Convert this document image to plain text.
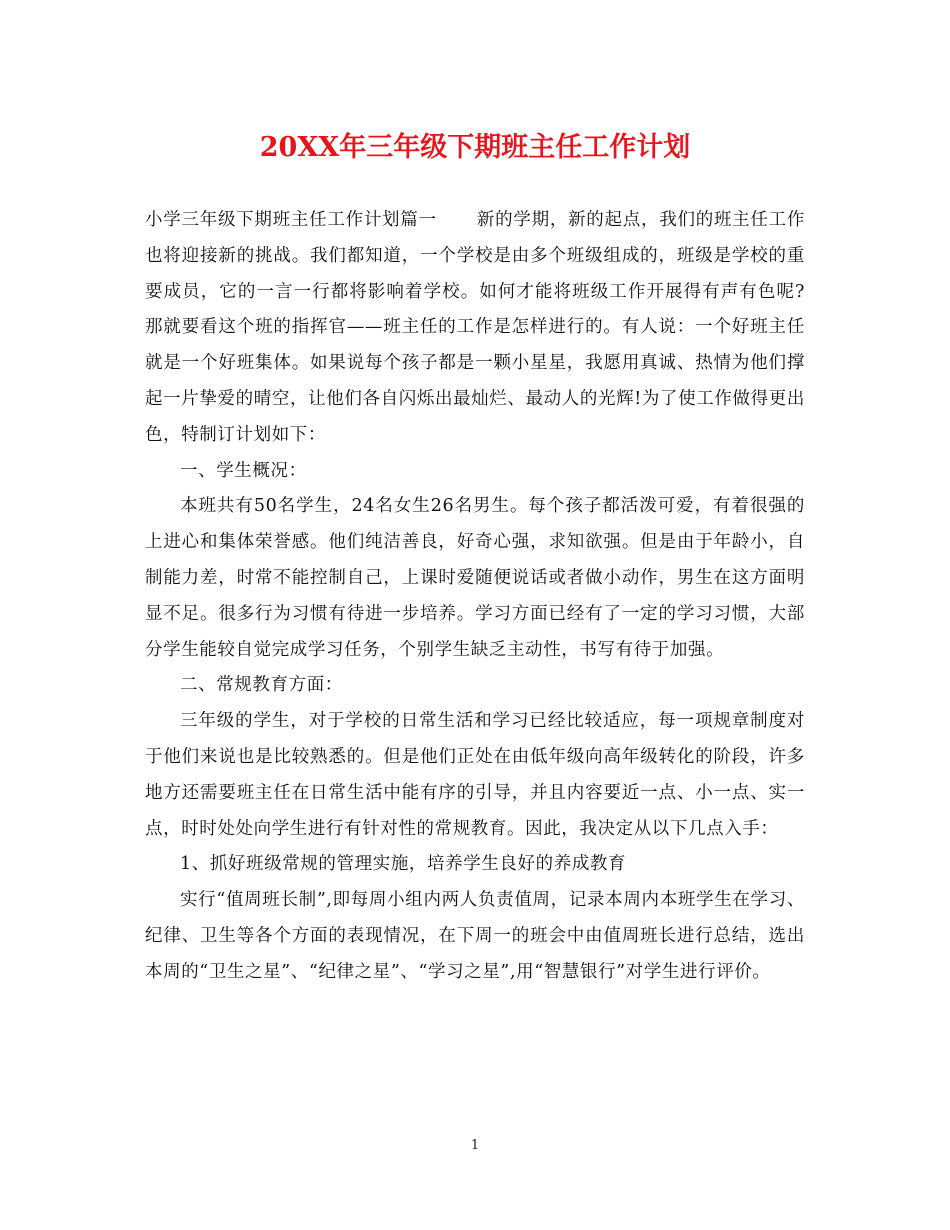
20XX年三年级下期班主任工作计划

小学三年级下期班主任工作计划篇一 新的学期，新的起点，我们的班主任工作也将迎接新的挑战。我们都知道，一个学校是由多个班级组成的，班级是学校的重要成员，它的一言一行都将影响着学校。如何才能将班级工作开展得有声有色呢?那就要看这个班的指挥官——班主任的工作是怎样进行的。有人说：一个好班主任就是一个好班集体。如果说每个孩子都是一颗小星星，我愿用真诚、热情为他们撑起一片挚爱的晴空，让他们各自闪烁出最灿烂、最动人的光辉!为了使工作做得更出色，特制订计划如下：

一、学生概况：

本班共有50名学生，24名女生26名男生。每个孩子都活泼可爱，有着很强的上进心和集体荣誉感。他们纯洁善良，好奇心强，求知欲强。但是由于年龄小，自制能力差，时常不能控制自己，上课时爱随便说话或者做小动作，男生在这方面明显不足。很多行为习惯有待进一步培养。学习方面已经有了一定的学习习惯，大部分学生能较自觉完成学习任务，个别学生缺乏主动性，书写有待于加强。

二、常规教育方面：

三年级的学生，对于学校的日常生活和学习已经比较适应，每一项规章制度对于他们来说也是比较熟悉的。但是他们正处在由低年级向高年级转化的阶段，许多地方还需要班主任在日常生活中能有序的引导，并且内容要近一点、小一点、实一点，时时处处向学生进行有针对性的常规教育。因此，我决定从以下几点入手：

1、抓好班级常规的管理实施，培养学生良好的养成教育

实行“值周班长制”,即每周小组内两人负责值周，记录本周内本班学生在学习、纪律、卫生等各个方面的表现情况，在下周一的班会中由值周班长进行总结，选出本周的“卫生之星”、“纪律之星”、“学习之星”,用“智慧银行”对学生进行评价。

1
